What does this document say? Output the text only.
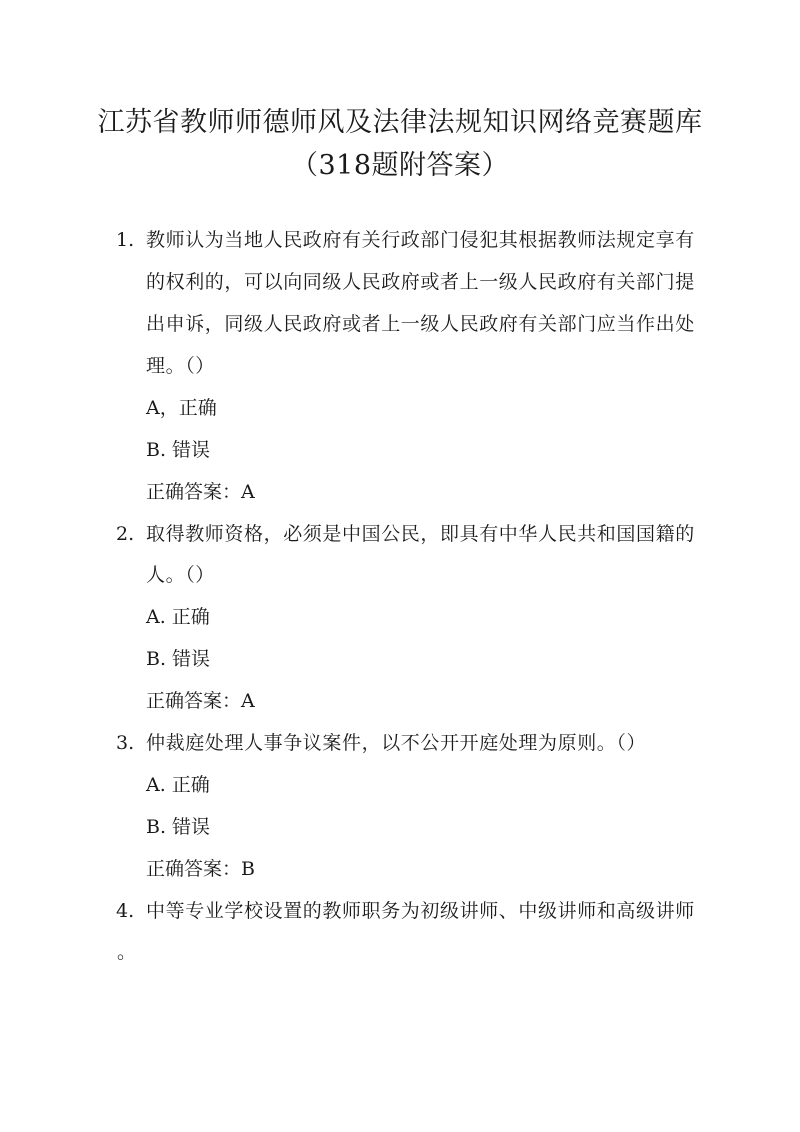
江苏省教师师德师风及法律法规知识网络竞赛题库
（318题附答案）
1. 教师认为当地人民政府有关行政部门侵犯其根据教师法规定享有
的权利的，可以向同级人民政府或者上一级人民政府有关部门提
出申诉，同级人民政府或者上一级人民政府有关部门应当作出处
理。（）
A，正确
B. 错误
正确答案：A
2. 取得教师资格，必须是中国公民，即具有中华人民共和国国籍的
人。（）
A. 正确
B. 错误
正确答案：A
3. 仲裁庭处理人事争议案件，以不公开开庭处理为原则。（）
A. 正确
B. 错误
正确答案：B
4. 中等专业学校设置的教师职务为初级讲师、中级讲师和高级讲师
。
